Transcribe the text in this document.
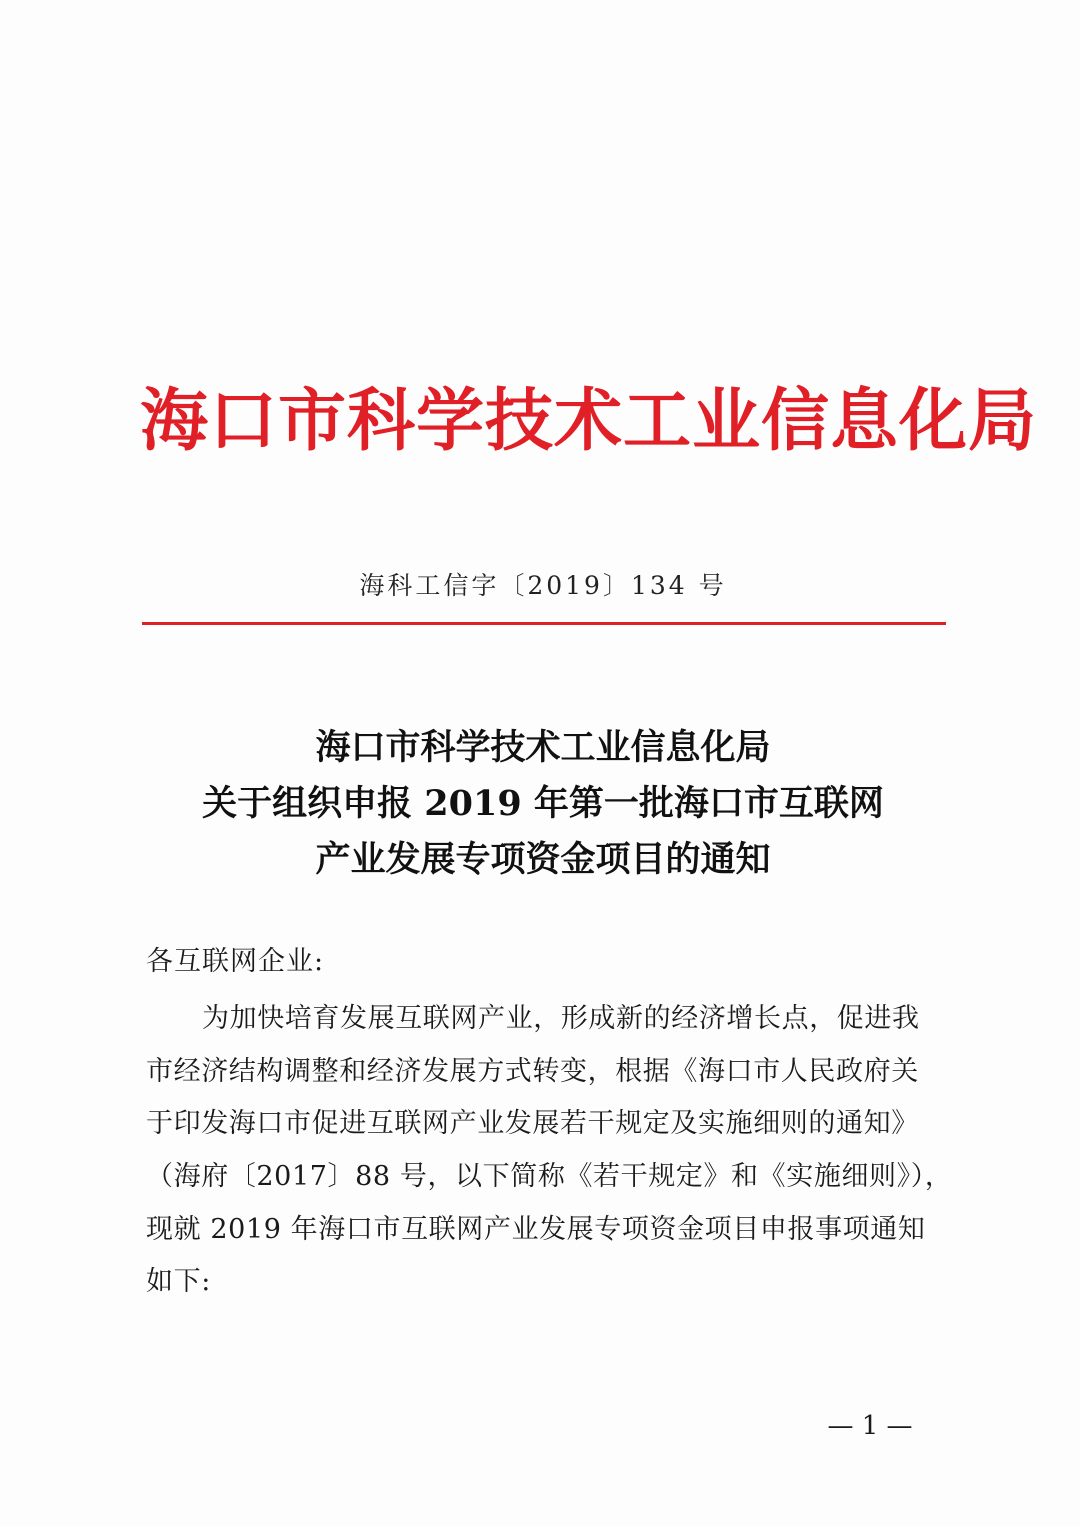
海口市科学技术工业信息化局
海科工信字〔2019〕134 号
海口市科学技术工业信息化局
关于组织申报 2019 年第一批海口市互联网
产业发展专项资金项目的通知
各互联网企业:
为加快培育发展互联网产业，形成新的经济增长点，促进我
市经济结构调整和经济发展方式转变，根据《海口市人民政府关
于印发海口市促进互联网产业发展若干规定及实施细则的通知》
（海府〔2017〕88 号，以下简称《若干规定》和《实施细则》），
现就 2019 年海口市互联网产业发展专项资金项目申报事项通知
如下:
— 1 —
